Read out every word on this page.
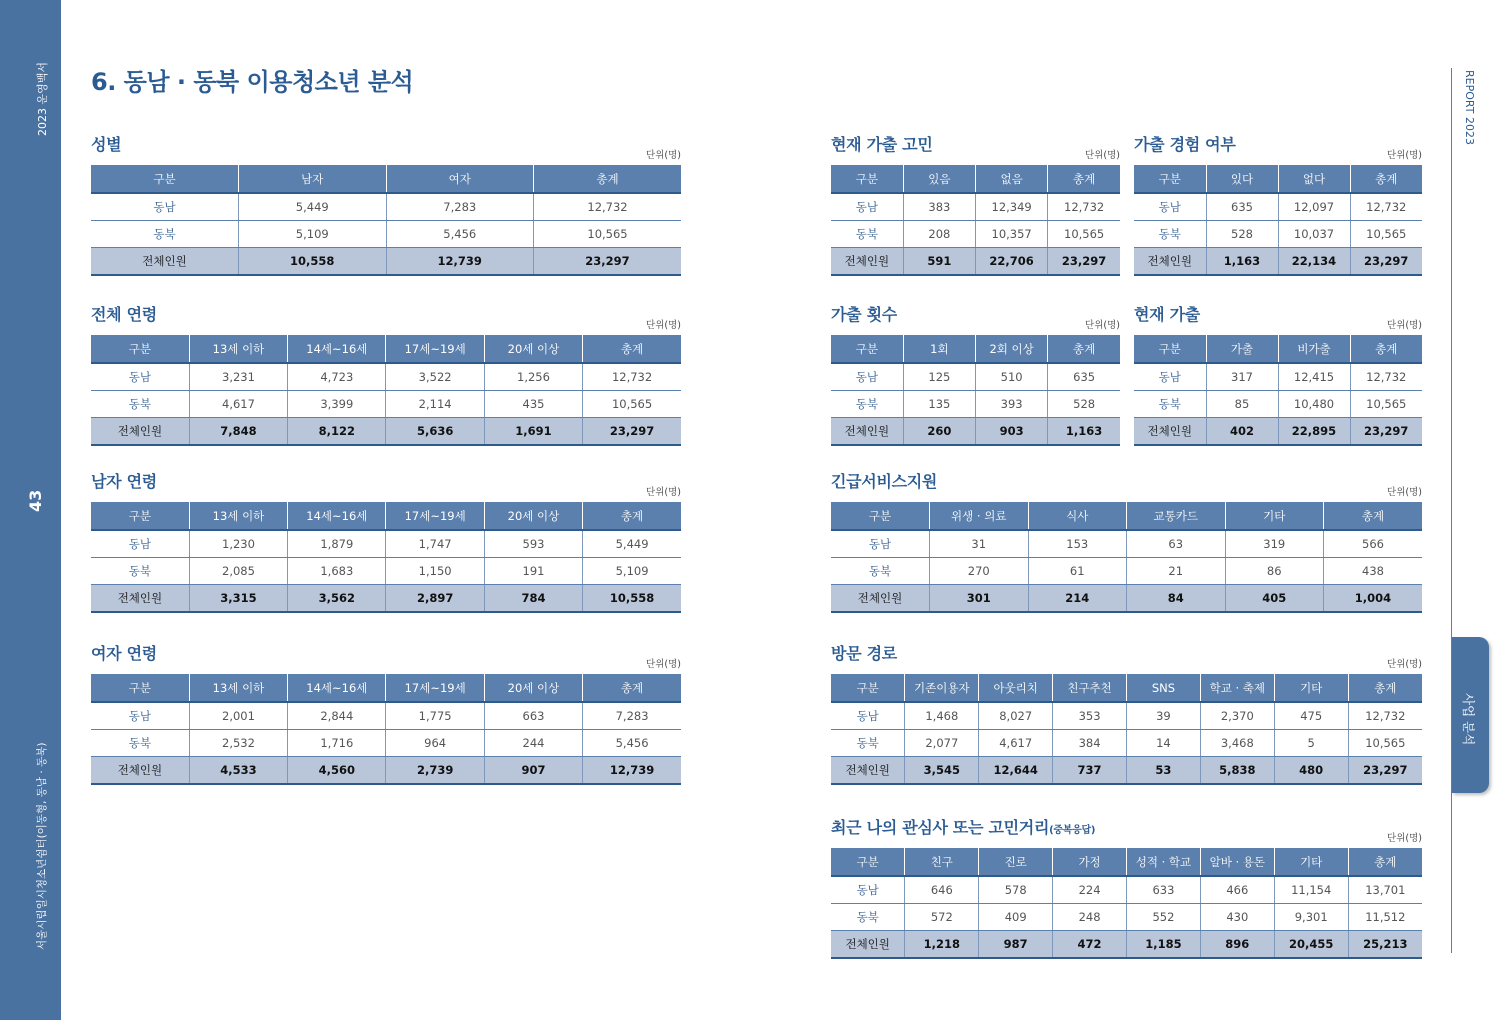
2023 운영백서
43
서울시립일시청소년쉼터(이동형, 동남 · 동북)
6. 동남 · 동북 이용청소년 분석	REPORT 2023
사업 분석
성별
단위(명)
구분	남자	여자	총계
동남	5,449	7,283	12,732
동북	5,109	5,456	10,565
전체인원	10,558	12,739	23,297
전체 연령
단위(명)
구분	13세 이하	14세~16세	17세~19세	20세 이상	총계
동남	3,231	4,723	3,522	1,256	12,732
동북	4,617	3,399	2,114	435	10,565
전체인원	7,848	8,122	5,636	1,691	23,297
남자 연령
단위(명)
구분	13세 이하	14세~16세	17세~19세	20세 이상	총계
동남	1,230	1,879	1,747	593	5,449
동북	2,085	1,683	1,150	191	5,109
전체인원	3,315	3,562	2,897	784	10,558
여자 연령
단위(명)
구분	13세 이하	14세~16세	17세~19세	20세 이상	총계
동남	2,001	2,844	1,775	663	7,283
동북	2,532	1,716	964	244	5,456
전체인원	4,533	4,560	2,739	907	12,739
현재 가출 고민
단위(명)
구분	있음	없음	총계
동남	383	12,349	12,732
동북	208	10,357	10,565
전체인원	591	22,706	23,297
가출 경험 여부
단위(명)
구분	있다	없다	총계
동남	635	12,097	12,732
동북	528	10,037	10,565
전체인원	1,163	22,134	23,297
가출 횟수
단위(명)
구분	1회	2회 이상	총계
동남	125	510	635
동북	135	393	528
전체인원	260	903	1,163
현재 가출
단위(명)
구분	가출	비가출	총계
동남	317	12,415	12,732
동북	85	10,480	10,565
전체인원	402	22,895	23,297
긴급서비스지원
단위(명)
구분	위생 · 의료	식사	교통카드	기타	총계
동남	31	153	63	319	566
동북	270	61	21	86	438
전체인원	301	214	84	405	1,004
방문 경로
단위(명)
구분	기존이용자	아웃리치	친구추천	SNS	학교 · 축제	기타	총계
동남	1,468	8,027	353	39	2,370	475	12,732
동북	2,077	4,617	384	14	3,468	5	10,565
전체인원	3,545	12,644	737	53	5,838	480	23,297
최근 나의 관심사 또는 고민거리(중복응답)
단위(명)
구분	친구	진로	가정	성적 · 학교	알바 · 용돈	기타	총계
동남	646	578	224	633	466	11,154	13,701
동북	572	409	248	552	430	9,301	11,512
전체인원	1,218	987	472	1,185	896	20,455	25,213
